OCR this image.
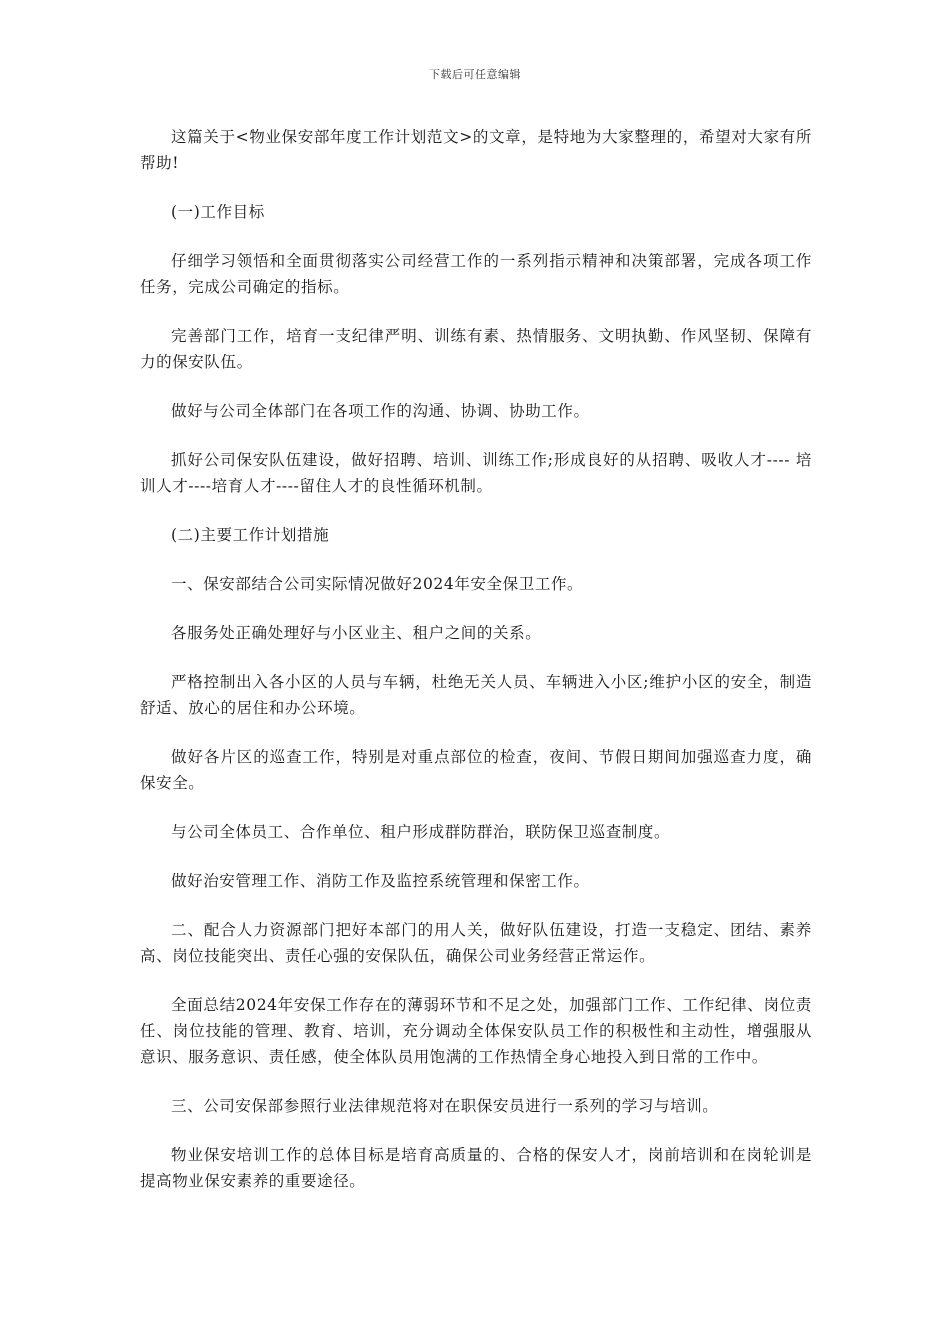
下载后可任意编辑

这篇关于<物业保安部年度工作计划范文>的文章，是特地为大家整理的，希望对大家有所帮助!

(一)工作目标

仔细学习领悟和全面贯彻落实公司经营工作的一系列指示精神和决策部署，完成各项工作任务，完成公司确定的指标。

完善部门工作，培育一支纪律严明、训练有素、热情服务、文明执勤、作风坚韧、保障有力的保安队伍。

做好与公司全体部门在各项工作的沟通、协调、协助工作。

抓好公司保安队伍建设，做好招聘、培训、训练工作;形成良好的从招聘、吸收人才---- 培训人才----培育人才----留住人才的良性循环机制。

(二)主要工作计划措施

一、保安部结合公司实际情况做好2024年安全保卫工作。

各服务处正确处理好与小区业主、租户之间的关系。

严格控制出入各小区的人员与车辆，杜绝无关人员、车辆进入小区;维护小区的安全，制造舒适、放心的居住和办公环境。

做好各片区的巡查工作，特别是对重点部位的检查，夜间、节假日期间加强巡查力度，确保安全。

与公司全体员工、合作单位、租户形成群防群治，联防保卫巡查制度。

做好治安管理工作、消防工作及监控系统管理和保密工作。

二、配合人力资源部门把好本部门的用人关，做好队伍建设，打造一支稳定、团结、素养高、岗位技能突出、责任心强的安保队伍，确保公司业务经营正常运作。

全面总结2024年安保工作存在的薄弱环节和不足之处，加强部门工作、工作纪律、岗位责任、岗位技能的管理、教育、培训，充分调动全体保安队员工作的积极性和主动性，增强服从意识、服务意识、责任感，使全体队员用饱满的工作热情全身心地投入到日常的工作中。

三、公司安保部参照行业法律规范将对在职保安员进行一系列的学习与培训。

物业保安培训工作的总体目标是培育高质量的、合格的保安人才，岗前培训和在岗轮训是提高物业保安素养的重要途径。
